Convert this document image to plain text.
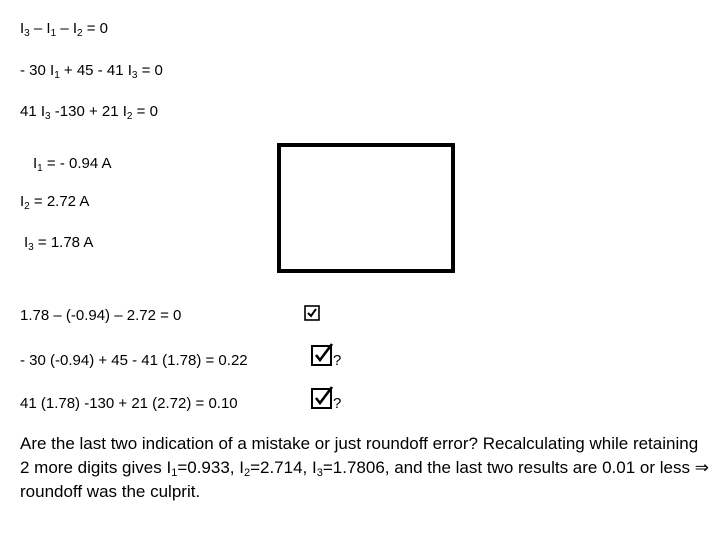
$I_3 - I_1 - I_2 = 0$
- 30 $I_1 + 45 - 41$ $I_3 = 0$
41 $I_3$ -130 + 21 $I_2 = 0$
$I_1$ = - 0.94 A
$I_2 = 2.72$ A
$I_3 = 1.78$ A
1.78 – (-0.94) – 2.72 = 0
- 30 (-0.94) + 45 - 41 (1.78) = 0.22	?
41 (1.78) -130 + 21 (2.72) = 0.10	?
Are the last two indication of a mistake or just roundoff error? Recalculating while retaining 2 more digits gives $I_1=0.933$, $I_2=2.714$, $I_3=1.7806$, and the last two results are 0.01 or less ⇒ roundoff was the culprit.
